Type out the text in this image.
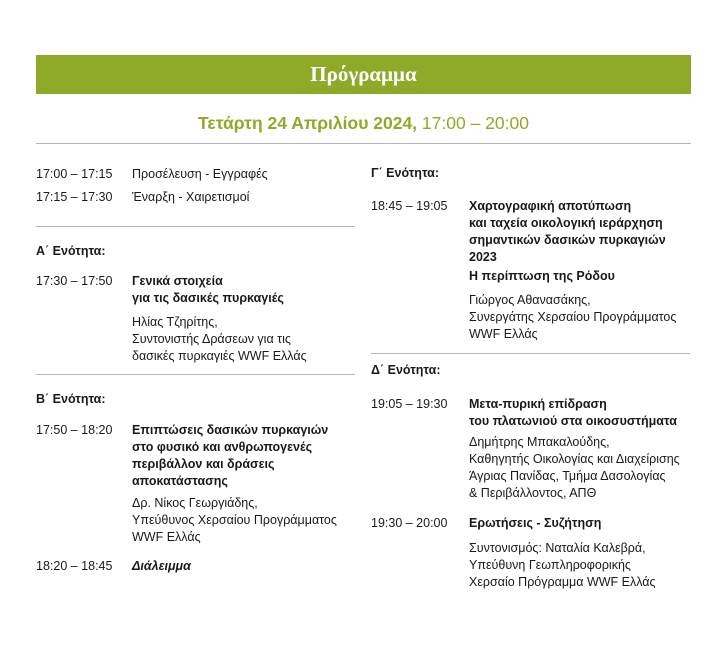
Πρόγραμμα
Τετάρτη 24 Απριλίου 2024, 17:00 – 20:00
17:00 – 17:15 Προσέλευση - Εγγραφές
17:15 – 17:30 Έναρξη - Χαιρετισμοί
Α΄ Ενότητα:
17:30 – 17:50 Γενικά στοιχεία
για τις δασικές πυρκαγιές
Ηλίας Τζηρίτης,
Συντονιστής Δράσεων για τις
δασικές πυρκαγιές WWF Ελλάς
Β΄ Ενότητα:
17:50 – 18:20 Επιπτώσεις δασικών πυρκαγιών
στο φυσικό και ανθρωπογενές
περιβάλλον και δράσεις
αποκατάστασης
Δρ. Νίκος Γεωργιάδης,
Υπεύθυνος Χερσαίου Προγράμματος
WWF Ελλάς
18:20 – 18:45 Διάλειμμα
Γ΄ Ενότητα:
18:45 – 19:05 Χαρτογραφική αποτύπωση
και ταχεία οικολογική ιεράρχηση
σημαντικών δασικών πυρκαγιών
2023
Η περίπτωση της Ρόδου
Γιώργος Αθανασάκης,
Συνεργάτης Χερσαίου Προγράμματος
WWF Ελλάς
Δ΄ Ενότητα:
19:05 – 19:30 Μετα-πυρική επίδραση
του πλατωνιού στα οικοσυστήματα
Δημήτρης Μπακαλούδης,
Καθηγητής Οικολογίας και Διαχείρισης
Άγριας Πανίδας, Τμήμα Δασολογίας
& Περιβάλλοντος, ΑΠΘ
19:30 – 20:00 Ερωτήσεις - Συζήτηση
Συντονισμός: Ναταλία Καλεβρά,
Υπεύθυνη Γεωπληροφορικής
Χερσαίο Πρόγραμμα WWF Ελλάς
